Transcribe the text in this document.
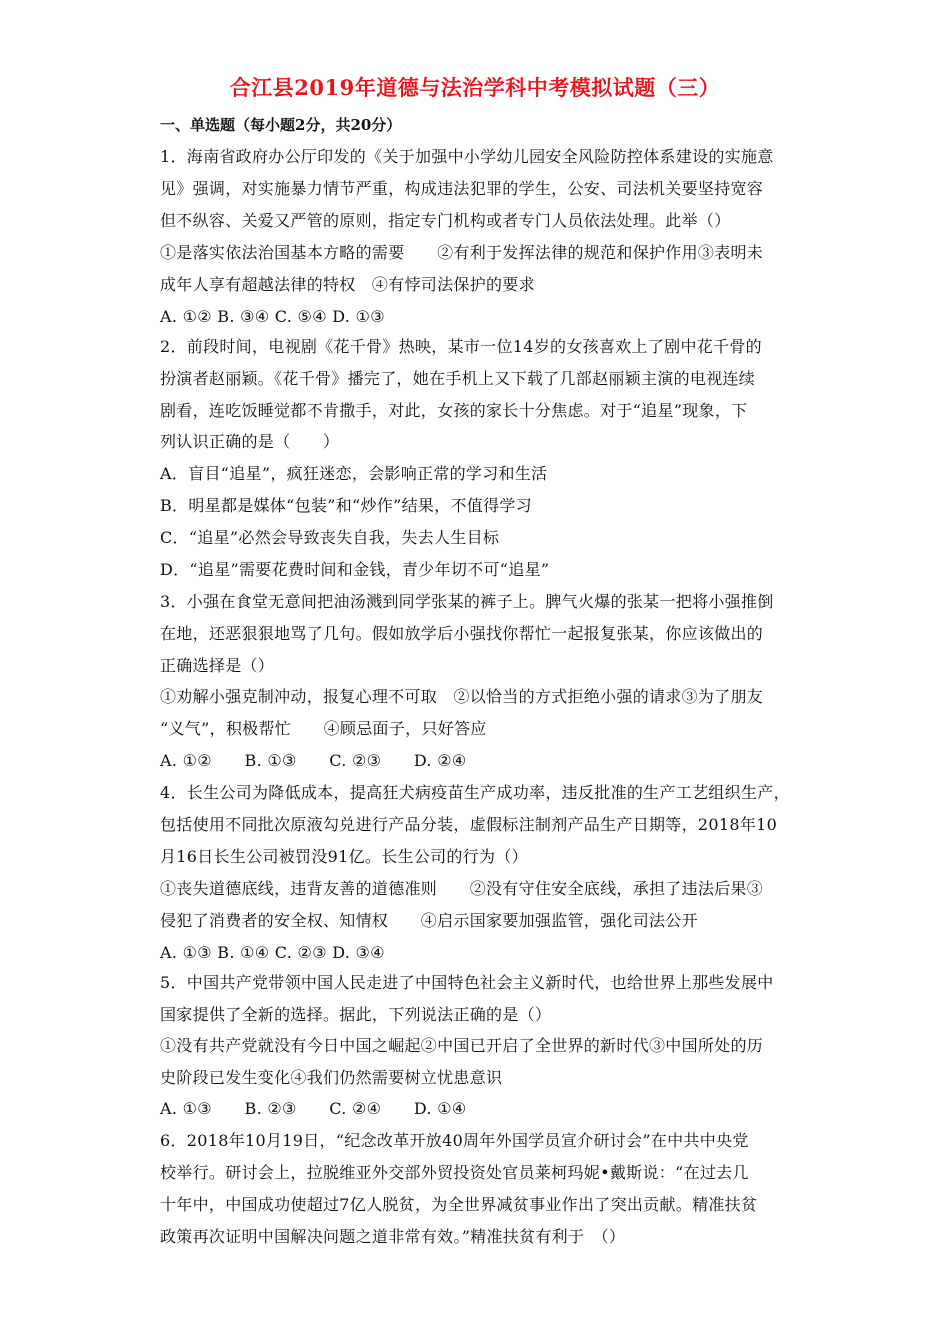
合江县2019年道德与法治学科中考模拟试题（三）
一、单选题（每小题2分，共20分）
1．海南省政府办公厅印发的《关于加强中小学幼儿园安全风险防控体系建设的实施意
见》强调，对实施暴力情节严重，构成违法犯罪的学生，公安、司法机关要坚持宽容
但不纵容、关爱又严管的原则，指定专门机构或者专门人员依法处理。此举（）
①是落实依法治国基本方略的需要　　②有利于发挥法律的规范和保护作用③表明未
成年人享有超越法律的特权　④有悖司法保护的要求
A. ①② B. ③④ C. ⑤④ D. ①③
2．前段时间，电视剧《花千骨》热映，某市一位14岁的女孩喜欢上了剧中花千骨的
扮演者赵丽颖。《花千骨》播完了，她在手机上又下载了几部赵丽颖主演的电视连续
剧看，连吃饭睡觉都不肯撒手，对此，女孩的家长十分焦虑。对于“追星”现象，下
列认识正确的是（　　）
A．盲目“追星”，疯狂迷恋，会影响正常的学习和生活
B．明星都是媒体“包装”和“炒作”结果，不值得学习
C．“追星”必然会导致丧失自我，失去人生目标
D．“追星”需要花费时间和金钱，青少年切不可“追星”
3．小强在食堂无意间把油汤溅到同学张某的裤子上。脾气火爆的张某一把将小强推倒
在地，还恶狠狠地骂了几句。假如放学后小强找你帮忙一起报复张某，你应该做出的
正确选择是（）
①劝解小强克制冲动，报复心理不可取　②以恰当的方式拒绝小强的请求③为了朋友
“义气”，积极帮忙　　④顾忌面子，只好答应
A. ①②　　B. ①③　　C. ②③　　D. ②④
4．长生公司为降低成本，提高狂犬病疫苗生产成功率，违反批准的生产工艺组织生产，
包括使用不同批次原液勾兑进行产品分装，虚假标注制剂产品生产日期等，2018年10
月16日长生公司被罚没91亿。长生公司的行为（）
①丧失道德底线，违背友善的道德准则　　②没有守住安全底线，承担了违法后果③
侵犯了消费者的安全权、知情权　　④启示国家要加强监管，强化司法公开
A. ①③ B. ①④ C. ②③ D. ③④
5．中国共产党带领中国人民走进了中国特色社会主义新时代，也给世界上那些发展中
国家提供了全新的选择。据此，下列说法正确的是（）
①没有共产党就没有今日中国之崛起②中国已开启了全世界的新时代③中国所处的历
史阶段已发生变化④我们仍然需要树立忧患意识
A. ①③　　B. ②③　　C. ②④　　D. ①④
6．2018年10月19日，“纪念改革开放40周年外国学员宣介研讨会”在中共中央党
校举行。研讨会上，拉脱维亚外交部外贸投资处官员莱柯玛妮•戴斯说：“在过去几
十年中，中国成功使超过7亿人脱贫，为全世界减贫事业作出了突出贡献。精准扶贫
政策再次证明中国解决问题之道非常有效。”精准扶贫有利于　（）
